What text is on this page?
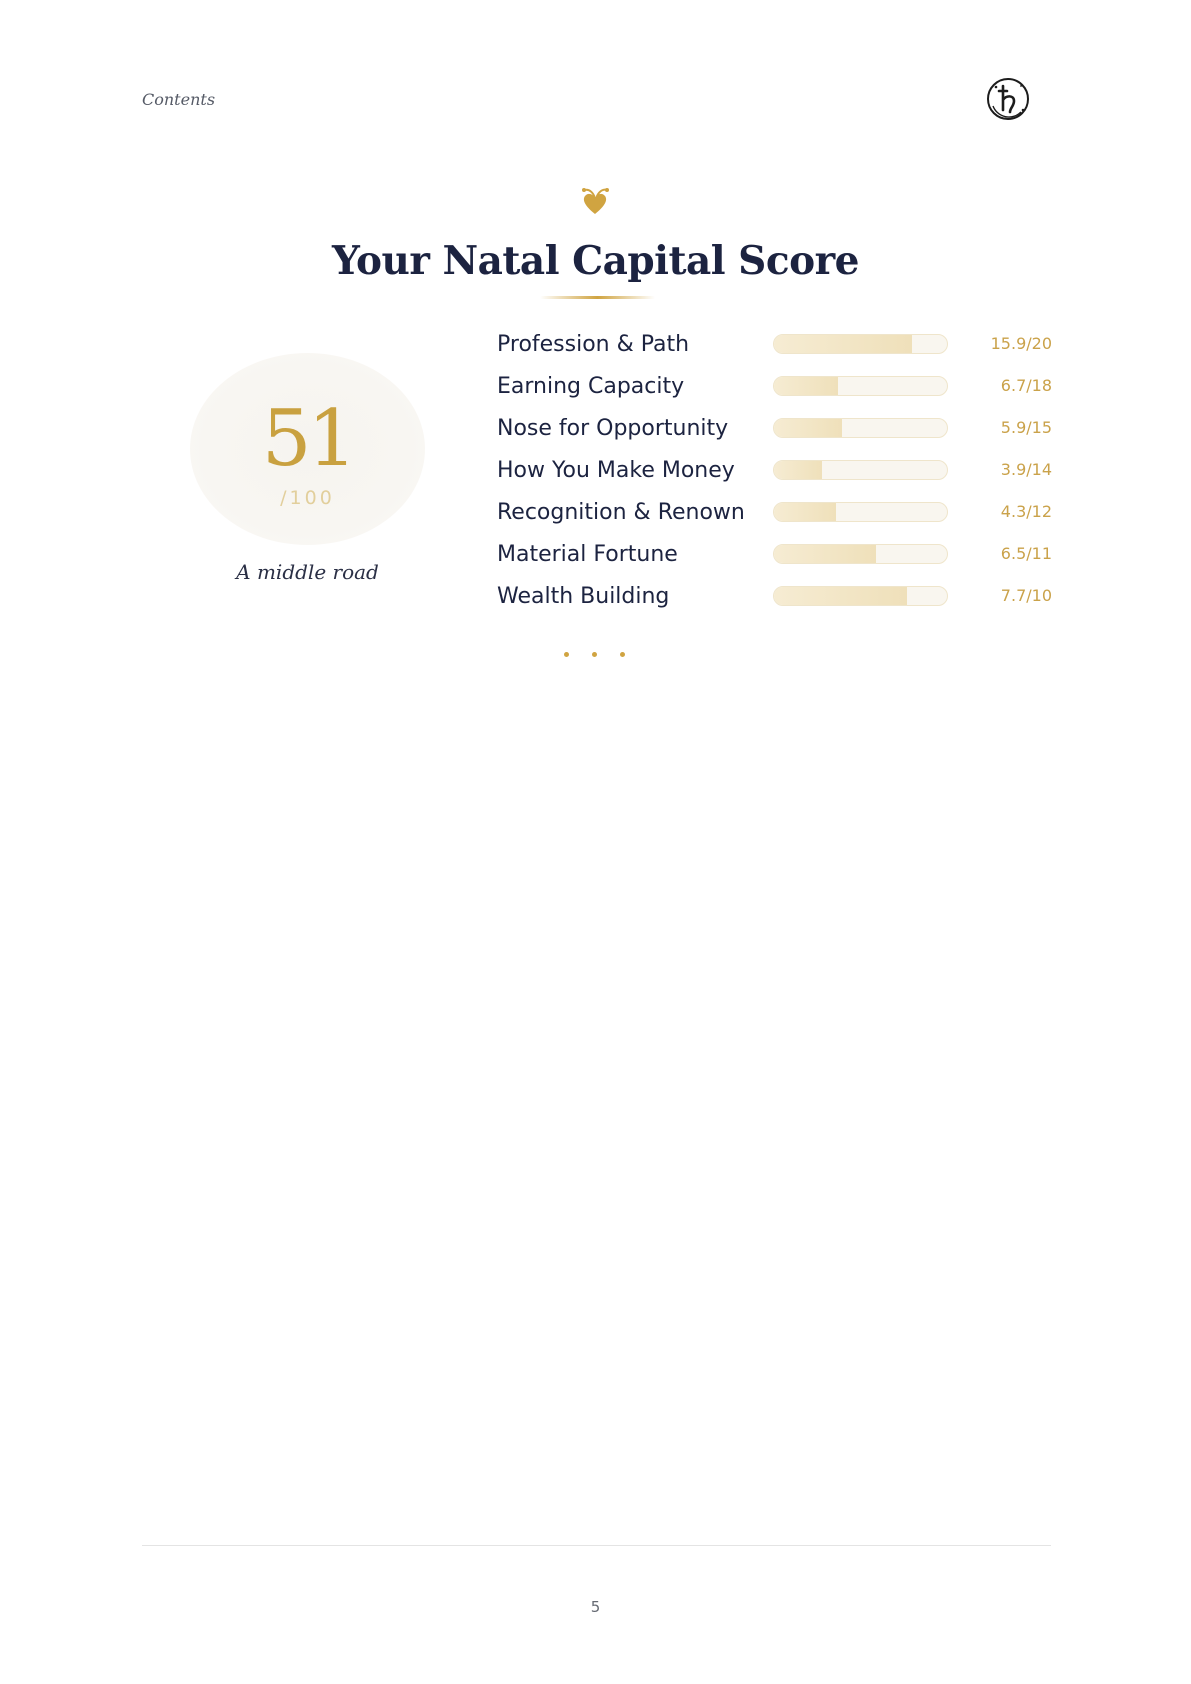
Contents
Your Natal Capital Score
51
/100
A middle road
Profession & Path	15.9/20
Earning Capacity	6.7/18
Nose for Opportunity	5.9/15
How You Make Money	3.9/14
Recognition & Renown	4.3/12
Material Fortune	6.5/11
Wealth Building	7.7/10
5
